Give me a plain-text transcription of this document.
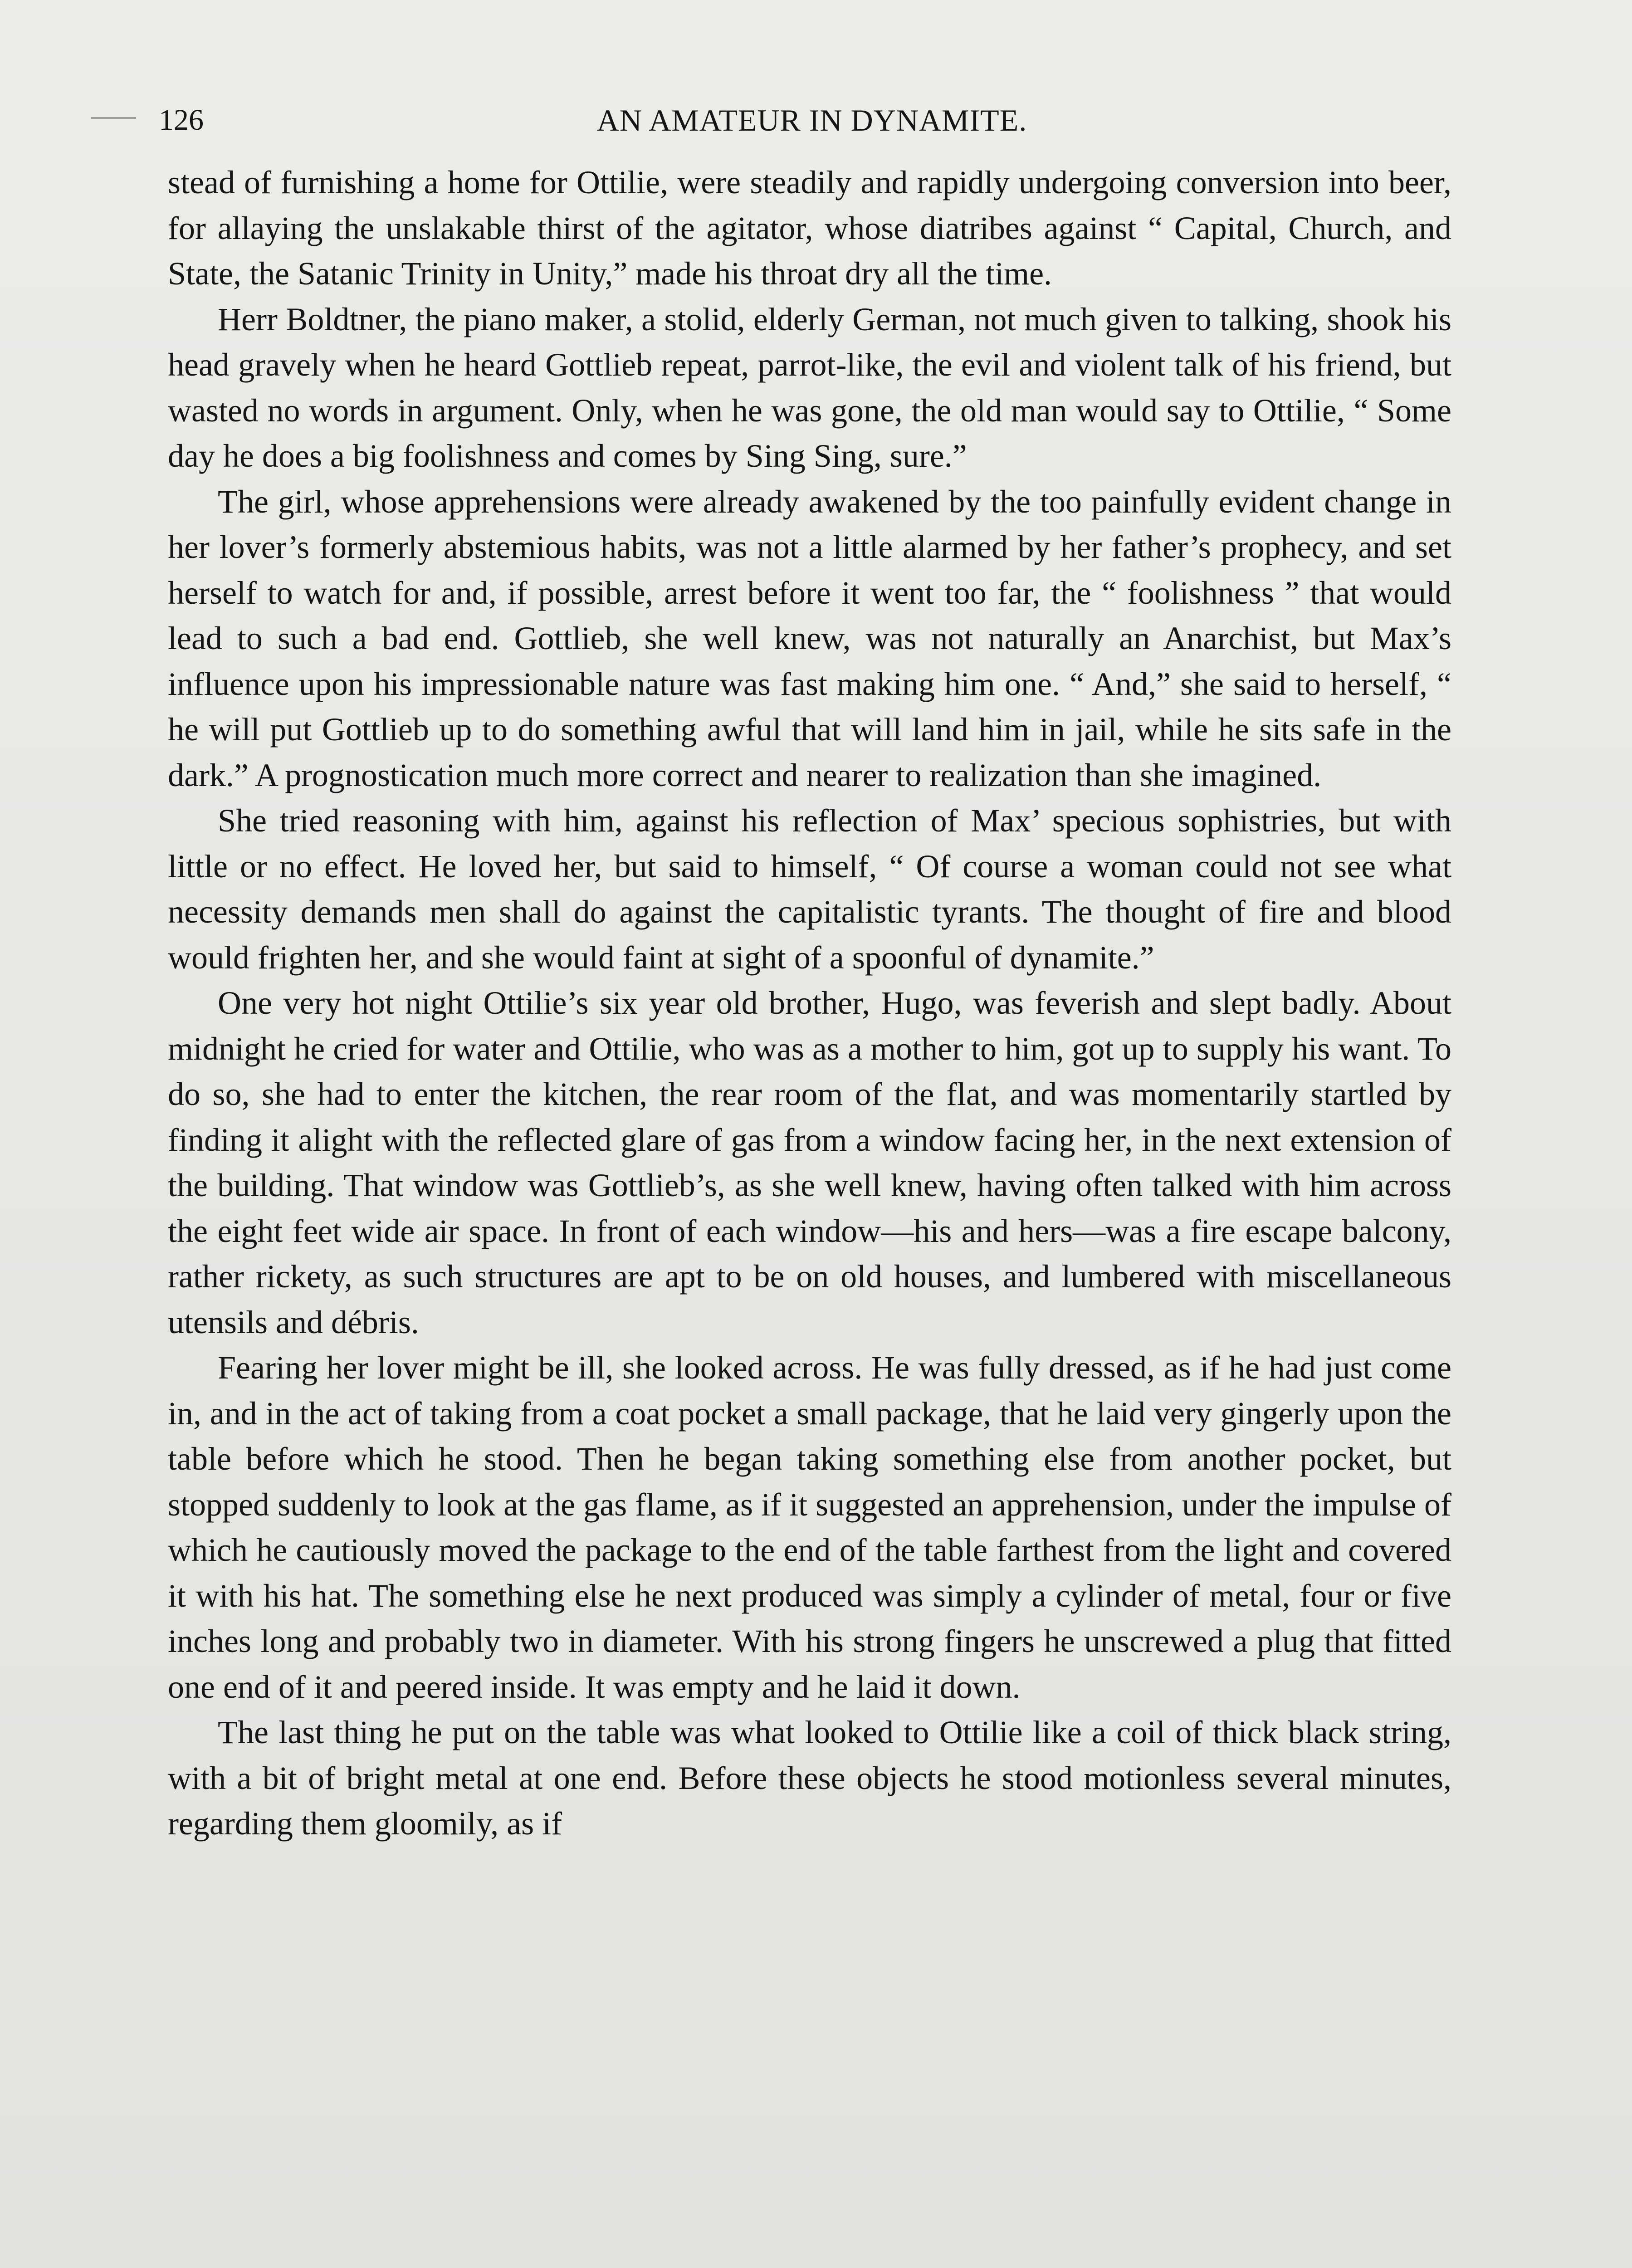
126	AN AMATEUR IN DYNAMITE.

stead of furnishing a home for Ottilie, were steadily and rapidly undergoing conversion into beer, for allaying the unslakable thirst of the agitator, whose diatribes against “ Capital, Church, and State, the Satanic Trinity in Unity,” made his throat dry all the time.

Herr Boldtner, the piano maker, a stolid, elderly German, not much given to talking, shook his head gravely when he heard Gottlieb repeat, parrot-like, the evil and violent talk of his friend, but wasted no words in argument. Only, when he was gone, the old man would say to Ottilie, “ Some day he does a big foolishness and comes by Sing Sing, sure.”

The girl, whose apprehensions were already awakened by the too painfully evident change in her lover’s formerly abstemious habits, was not a little alarmed by her father’s prophecy, and set herself to watch for and, if possible, arrest before it went too far, the “ foolishness ” that would lead to such a bad end. Gottlieb, she well knew, was not naturally an Anarchist, but Max’s influence upon his impressionable nature was fast making him one. “ And,” she said to herself, “ he will put Gottlieb up to do something awful that will land him in jail, while he sits safe in the dark.” A prognostication much more correct and nearer to realization than she imagined.

She tried reasoning with him, against his reflection of Max’ specious sophistries, but with little or no effect. He loved her, but said to himself, “ Of course a woman could not see what necessity demands men shall do against the capitalistic tyrants. The thought of fire and blood would frighten her, and she would faint at sight of a spoonful of dynamite.”

One very hot night Ottilie’s six year old brother, Hugo, was feverish and slept badly. About midnight he cried for water and Ottilie, who was as a mother to him, got up to supply his want. To do so, she had to enter the kitchen, the rear room of the flat, and was momentarily startled by finding it alight with the reflected glare of gas from a window facing her, in the next extension of the building. That window was Gottlieb’s, as she well knew, having often talked with him across the eight feet wide air space. In front of each window—his and hers—was a fire escape balcony, rather rickety, as such structures are apt to be on old houses, and lumbered with miscellaneous utensils and débris.

Fearing her lover might be ill, she looked across. He was fully dressed, as if he had just come in, and in the act of taking from a coat pocket a small package, that he laid very gingerly upon the table before which he stood. Then he began taking something else from another pocket, but stopped suddenly to look at the gas flame, as if it suggested an apprehension, under the impulse of which he cautiously moved the package to the end of the table farthest from the light and covered it with his hat. The something else he next produced was simply a cylinder of metal, four or five inches long and probably two in diameter. With his strong fingers he unscrewed a plug that fitted one end of it and peered inside. It was empty and he laid it down.

The last thing he put on the table was what looked to Ottilie like a coil of thick black string, with a bit of bright metal at one end. Before these objects he stood motionless several minutes, regarding them gloomily, as if
